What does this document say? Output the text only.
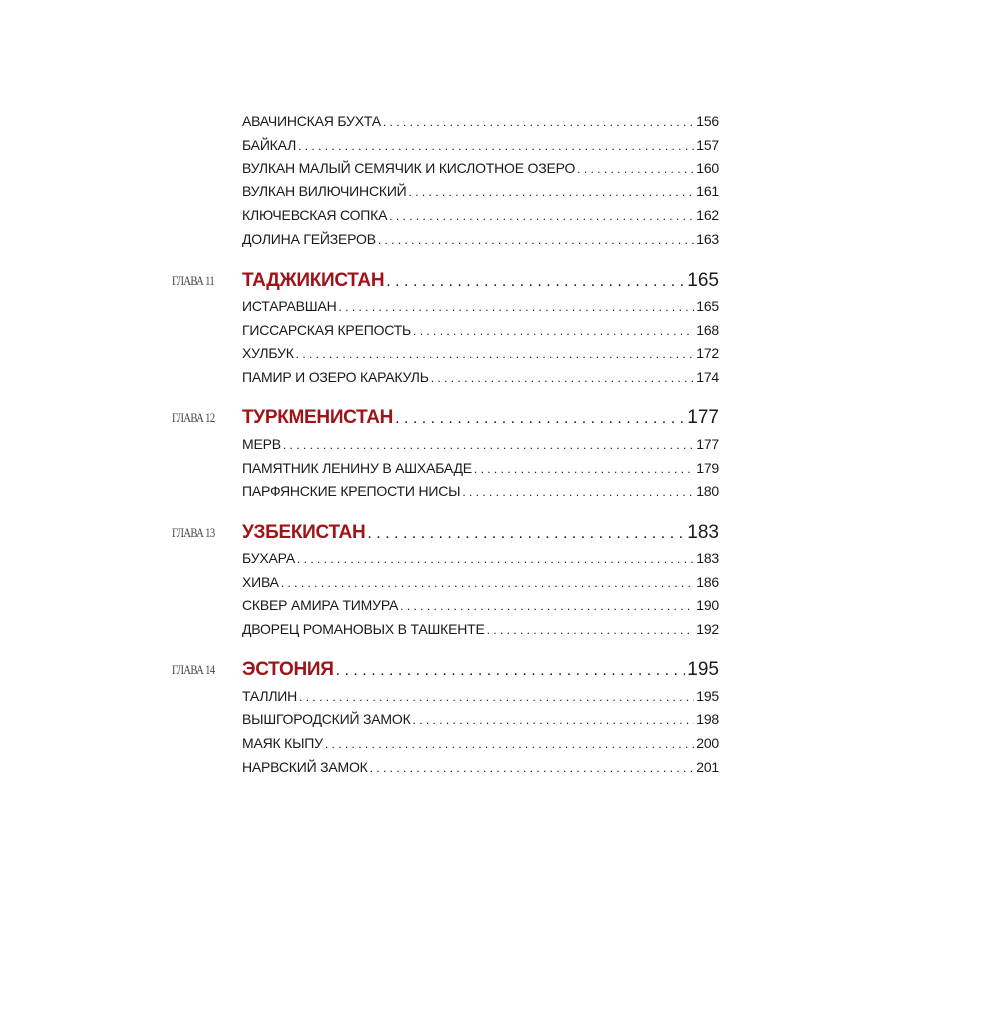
АВАЧИНСКАЯ БУХТА . . .	156
БАЙКАЛ . . .	157
ВУЛКАН МАЛЫЙ СЕМЯЧИК И КИСЛОТНОЕ ОЗЕРО . . .	160
ВУЛКАН ВИЛЮЧИНСКИЙ . . .	161
КЛЮЧЕВСКАЯ СОПКА . . .	162
ДОЛИНА ГЕЙЗЕРОВ . . .	163
ГЛАВА 11	ТАДЖИКИСТАН . . .	165
ИСТАРАВШАН . . .	165
ГИССАРСКАЯ КРЕПОСТЬ . . .	168
ХУЛБУК . . .	172
ПАМИР И ОЗЕРО КАРАКУЛЬ . . .	174
ГЛАВА 12	ТУРКМЕНИСТАН . . .	177
МЕРВ . . .	177
ПАМЯТНИК ЛЕНИНУ В АШХАБАДЕ . . .	179
ПАРФЯНСКИЕ КРЕПОСТИ НИСЫ . . .	180
ГЛАВА 13	УЗБЕКИСТАН . . .	183
БУХАРА . . .	183
ХИВА . . .	186
СКВЕР АМИРА ТИМУРА . . .	190
ДВОРЕЦ РОМАНОВЫХ В ТАШКЕНТЕ . . .	192
ГЛАВА 14	ЭСТОНИЯ . . .	195
ТАЛЛИН . . .	195
ВЫШГОРОДСКИЙ ЗАМОК . . .	198
МАЯК КЫПУ . . .	200
НАРВСКИЙ ЗАМОК . . .	201
